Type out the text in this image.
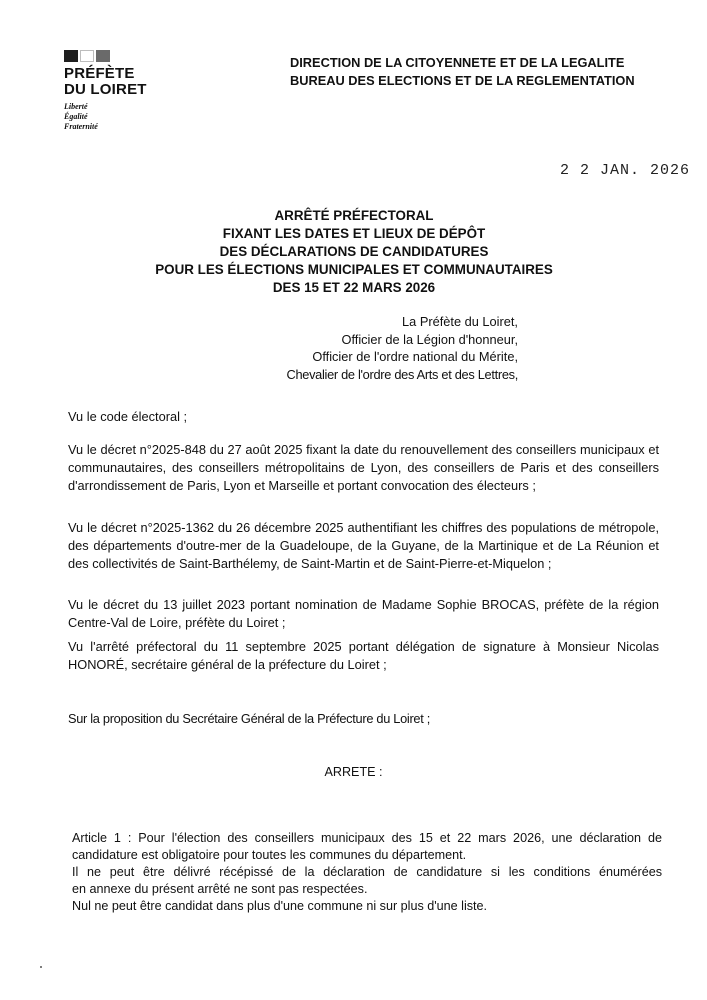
PRÉFÈTE
DU LOIRET
Liberté
Égalité
Fraternité
DIRECTION DE LA CITOYENNETE ET DE LA LEGALITE
BUREAU DES ELECTIONS ET DE LA REGLEMENTATION
2 2 JAN. 2026
ARRÊTÉ PRÉFECTORAL
FIXANT LES DATES ET LIEUX DE DÉPÔT
DES DÉCLARATIONS DE CANDIDATURES
POUR LES ÉLECTIONS MUNICIPALES ET COMMUNAUTAIRES
DES 15 ET 22 MARS 2026
La Préfète du Loiret,
Officier de la Légion d'honneur,
Officier de l'ordre national du Mérite,
Chevalier de l'ordre des Arts et des Lettres,
Vu le code électoral ;
Vu le décret n°2025-848 du 27 août 2025 fixant la date du renouvellement des conseillers municipaux et communautaires, des conseillers métropolitains de Lyon, des conseillers de Paris et des conseillers d'arrondissement de Paris, Lyon et Marseille et portant convocation des électeurs ;
Vu le décret n°2025-1362 du 26 décembre 2025 authentifiant les chiffres des populations de métropole, des départements d'outre-mer de la Guadeloupe, de la Guyane, de la Martinique et de La Réunion et des collectivités de Saint-Barthélemy, de Saint-Martin et de Saint-Pierre-et-Miquelon ;
Vu le décret du 13 juillet 2023 portant nomination de Madame Sophie BROCAS, préfète de la région Centre-Val de Loire, préfète du Loiret ;
Vu l'arrêté préfectoral du 11 septembre 2025 portant délégation de signature à Monsieur Nicolas HONORÉ, secrétaire général de la préfecture du Loiret ;
Sur la proposition du Secrétaire Général de la Préfecture du Loiret ;
ARRETE :
Article 1 : Pour l'élection des conseillers municipaux des 15 et 22 mars 2026, une déclaration de
candidature est obligatoire pour toutes les communes du département.
Il ne peut être délivré récépissé de la déclaration de candidature si les conditions énumérées
en annexe du présent arrêté ne sont pas respectées.
Nul ne peut être candidat dans plus d'une commune ni sur plus d'une liste.
